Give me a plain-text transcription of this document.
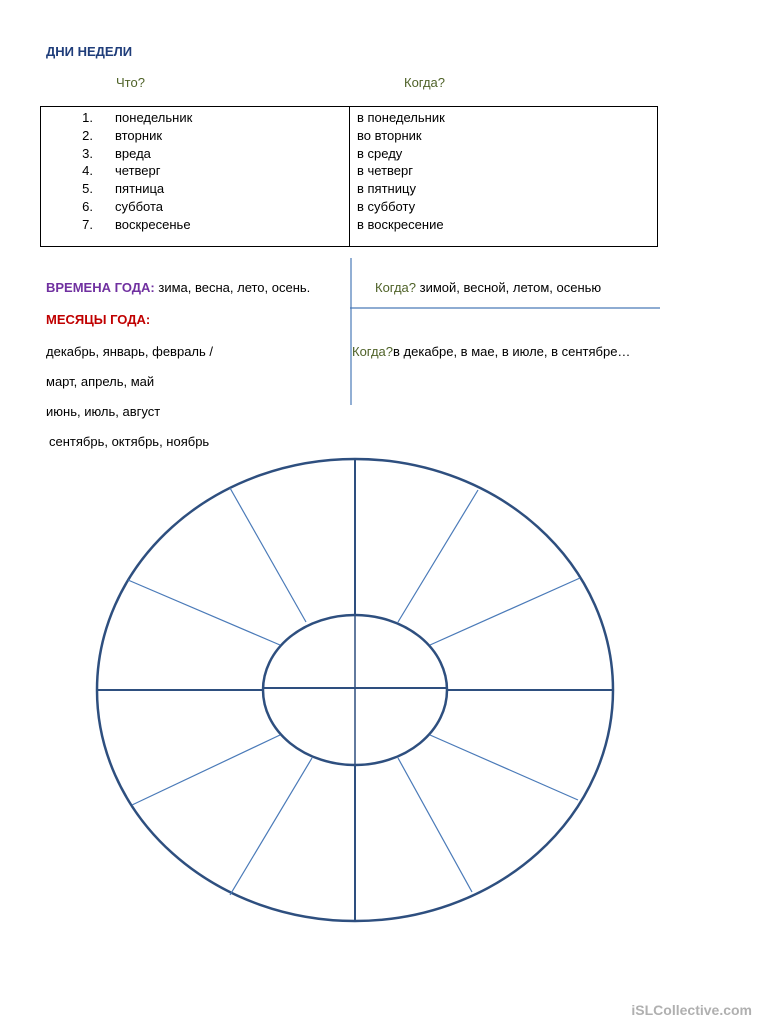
ДНИ НЕДЕЛИ
Что?	Когда?
1. понедельник
2. вторник
3. вреда
4. четверг
5. пятница
6. суббота
7. воскресенье
в понедельник
во вторник
в среду
в четверг
в пятницу
в субботу
в воскресение
ВРЕМЕНА ГОДА: зима, весна, лето, осень.	Когда? зимой, весной, летом, осенью
МЕСЯЦЫ ГОДА:
декабрь, январь, февраль /
март, апрель, май
июнь, июль, август
сентябрь, октябрь, ноябрь
Когда?в декабре, в мае, в июле, в сентябре…
iSLCollective.com
